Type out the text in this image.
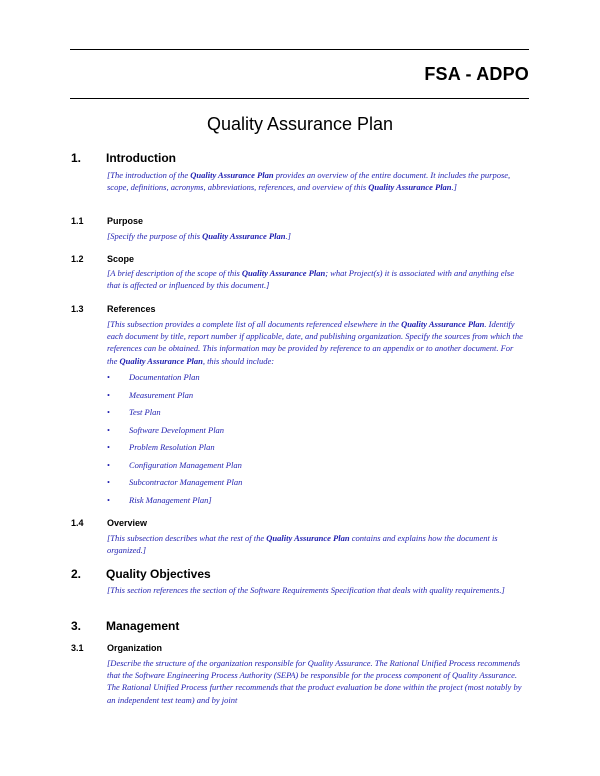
FSA - ADPO
Quality Assurance Plan
1. Introduction
[The introduction of the Quality Assurance Plan provides an overview of the entire document. It includes the purpose, scope, definitions, acronyms, abbreviations, references, and overview of this Quality Assurance Plan.]
1.1	Purpose
[Specify the purpose of this Quality Assurance Plan.]
1.2	Scope
[A brief description of the scope of this Quality Assurance Plan; what Project(s) it is associated with and anything else that is affected or influenced by this document.]
1.3	References
[This subsection provides a complete list of all documents referenced elsewhere in the Quality Assurance Plan. Identify each document by title, report number if applicable, date, and publishing organization. Specify the sources from which the references can be obtained. This information may be provided by reference to an appendix or to another document. For the Quality Assurance Plan, this should include:
• Documentation Plan
• Measurement Plan
• Test Plan
• Software Development Plan
• Problem Resolution Plan
• Configuration Management Plan
• Subcontractor Management Plan
• Risk Management Plan]
1.4	Overview
[This subsection describes what the rest of the Quality Assurance Plan contains and explains how the document is organized.]
2. Quality Objectives
[This section references the section of the Software Requirements Specification that deals with quality requirements.]
3. Management
3.1	Organization
[Describe the structure of the organization responsible for Quality Assurance. The Rational Unified Process recommends that the Software Engineering Process Authority (SEPA) be responsible for the process component of Quality Assurance. The Rational Unified Process further recommends that the product evaluation be done within the project (most notably by an independent test team) and by joint
